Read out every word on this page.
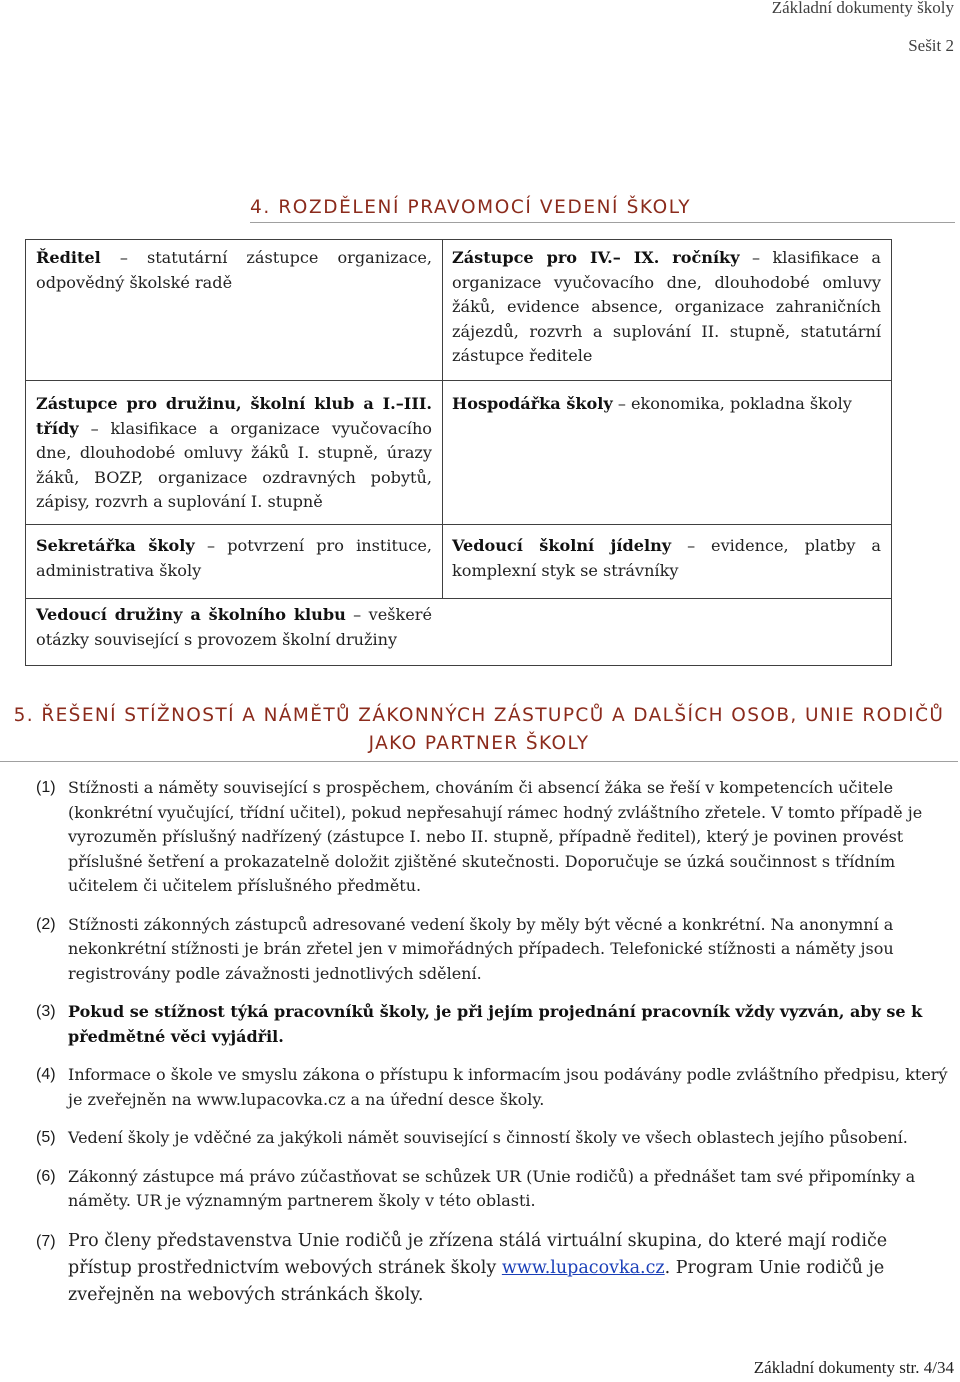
Základní dokumenty školy
Sešit 2
4. ROZDĚLENÍ PRAVOMOCÍ VEDENÍ ŠKOLY
Ředitel – statutární zástupce organizace, odpovědný školské radě
Zástupce pro IV.– IX. ročníky – klasifikace a organizace vyučovacího dne, dlouhodobé omluvy žáků, evidence absence, organizace zahraničních zájezdů, rozvrh a suplování II. stupně, statutární zástupce ředitele
Zástupce pro družinu, školní klub a I.–III. třídy – klasifikace a organizace vyučovacího dne, dlouhodobé omluvy žáků I. stupně, úrazy žáků, BOZP, organizace ozdravných pobytů, zápisy, rozvrh a suplování I. stupně
Hospodářka školy – ekonomika, pokladna školy
Sekretářka školy – potvrzení pro instituce, administrativa školy
Vedoucí školní jídelny – evidence, platby a komplexní styk se strávníky
Vedoucí družiny a školního klubu – veškeré otázky související s provozem školní družiny
5. ŘEŠENÍ STÍŽNOSTÍ A NÁMĚTŮ ZÁKONNÝCH ZÁSTUPCŮ A DALŠÍCH OSOB, UNIE RODIČŮ JAKO PARTNER ŠKOLY
(1) Stížnosti a náměty související s prospěchem, chováním či absencí žáka se řeší v kompetencích učitele (konkrétní vyučující, třídní učitel), pokud nepřesahují rámec hodný zvláštního zřetele. V tomto případě je vyrozuměn příslušný nadřízený (zástupce I. nebo II. stupně, případně ředitel), který je povinen provést příslušné šetření a prokazatelně doložit zjištěné skutečnosti. Doporučuje se úzká součinnost s třídním učitelem či učitelem příslušného předmětu.
(2) Stížnosti zákonných zástupců adresované vedení školy by měly být věcné a konkrétní. Na anonymní a nekonkrétní stížnosti je brán zřetel jen v mimořádných případech. Telefonické stížnosti a náměty jsou registrovány podle závažnosti jednotlivých sdělení.
(3) Pokud se stížnost týká pracovníků školy, je při jejím projednání pracovník vždy vyzván, aby se k předmětné věci vyjádřil.
(4) Informace o škole ve smyslu zákona o přístupu k informacím jsou podávány podle zvláštního předpisu, který je zveřejněn na www.lupacovka.cz a na úřední desce školy.
(5) Vedení školy je vděčné za jakýkoli námět související s činností školy ve všech oblastech jejího působení.
(6) Zákonný zástupce má právo zúčastňovat se schůzek UR (Unie rodičů) a přednášet tam své připomínky a náměty. UR je významným partnerem školy v této oblasti.
(7) Pro členy představenstva Unie rodičů je zřízena stálá virtuální skupina, do které mají rodiče přístup prostřednictvím webových stránek školy www.lupacovka.cz. Program Unie rodičů je zveřejněn na webových stránkách školy.
Základní dokumenty str. 4/34
